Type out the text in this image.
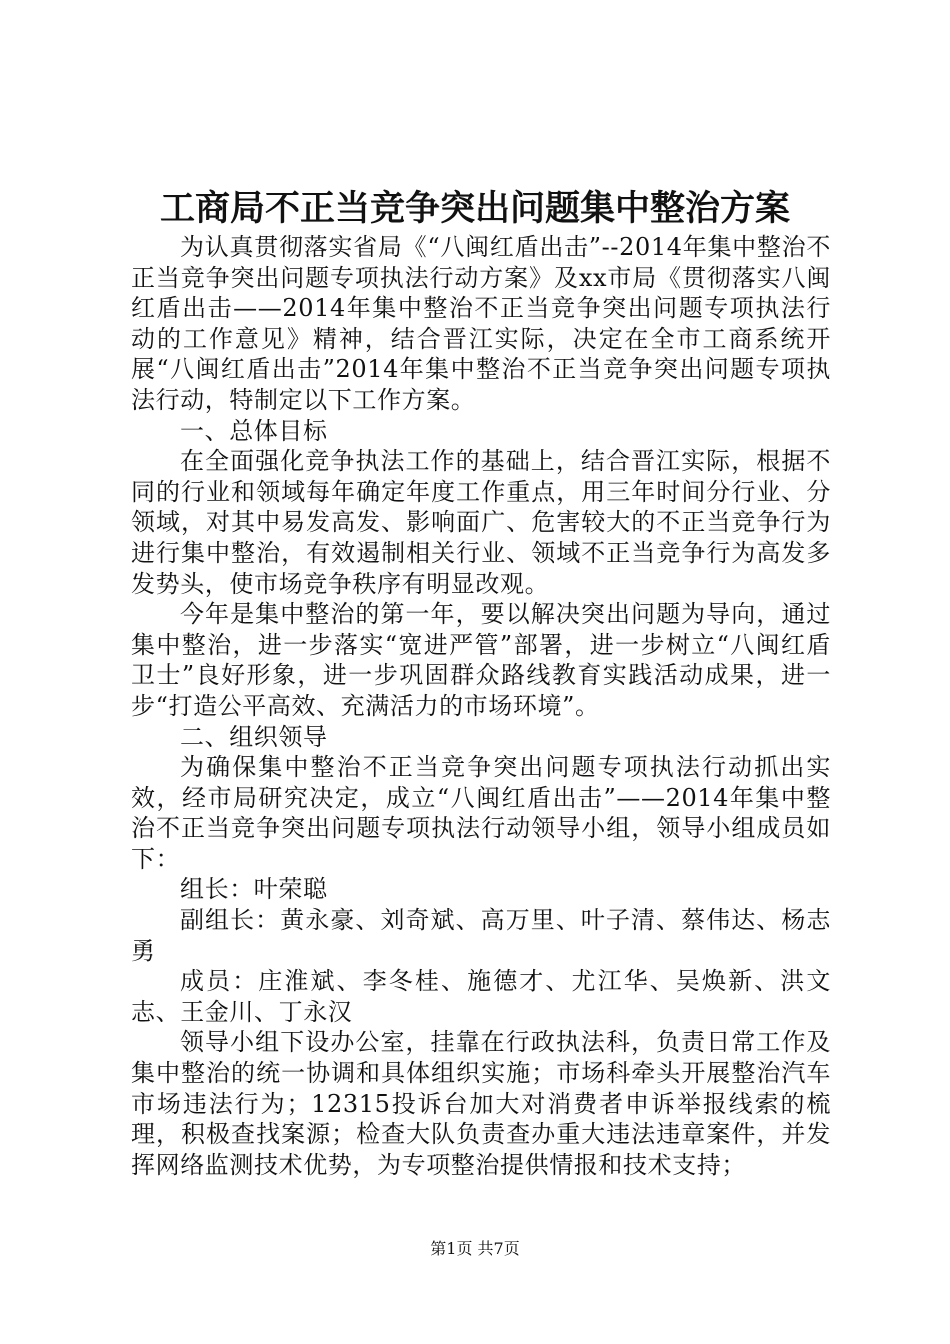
工商局不正当竞争突出问题集中整治方案

为认真贯彻落实省局《“八闽红盾出击”--2014年集中整治不正当竞争突出问题专项执法行动方案》及xx市局《贯彻落实八闽红盾出击——2014年集中整治不正当竞争突出问题专项执法行动的工作意见》精神，结合晋江实际，决定在全市工商系统开展“八闽红盾出击”2014年集中整治不正当竞争突出问题专项执法行动，特制定以下工作方案。

一、总体目标

在全面强化竞争执法工作的基础上，结合晋江实际，根据不同的行业和领域每年确定年度工作重点，用三年时间分行业、分领域，对其中易发高发、影响面广、危害较大的不正当竞争行为进行集中整治，有效遏制相关行业、领域不正当竞争行为高发多发势头，使市场竞争秩序有明显改观。

今年是集中整治的第一年，要以解决突出问题为导向，通过集中整治，进一步落实“宽进严管”部署，进一步树立“八闽红盾卫士”良好形象，进一步巩固群众路线教育实践活动成果，进一步“打造公平高效、充满活力的市场环境”。

二、组织领导

为确保集中整治不正当竞争突出问题专项执法行动抓出实效，经市局研究决定，成立“八闽红盾出击”——2014年集中整治不正当竞争突出问题专项执法行动领导小组，领导小组成员如下：

组长：叶荣聪

副组长：黄永豪、刘奇斌、高万里、叶子清、蔡伟达、杨志勇

成员：庄淮斌、李冬桂、施德才、尤江华、吴焕新、洪文志、王金川、丁永汉

领导小组下设办公室，挂靠在行政执法科，负责日常工作及集中整治的统一协调和具体组织实施；市场科牵头开展整治汽车市场违法行为；12315投诉台加大对消费者申诉举报线索的梳理，积极查找案源；检查大队负责查办重大违法违章案件，并发挥网络监测技术优势，为专项整治提供情报和技术支持；

第1页 共7页
